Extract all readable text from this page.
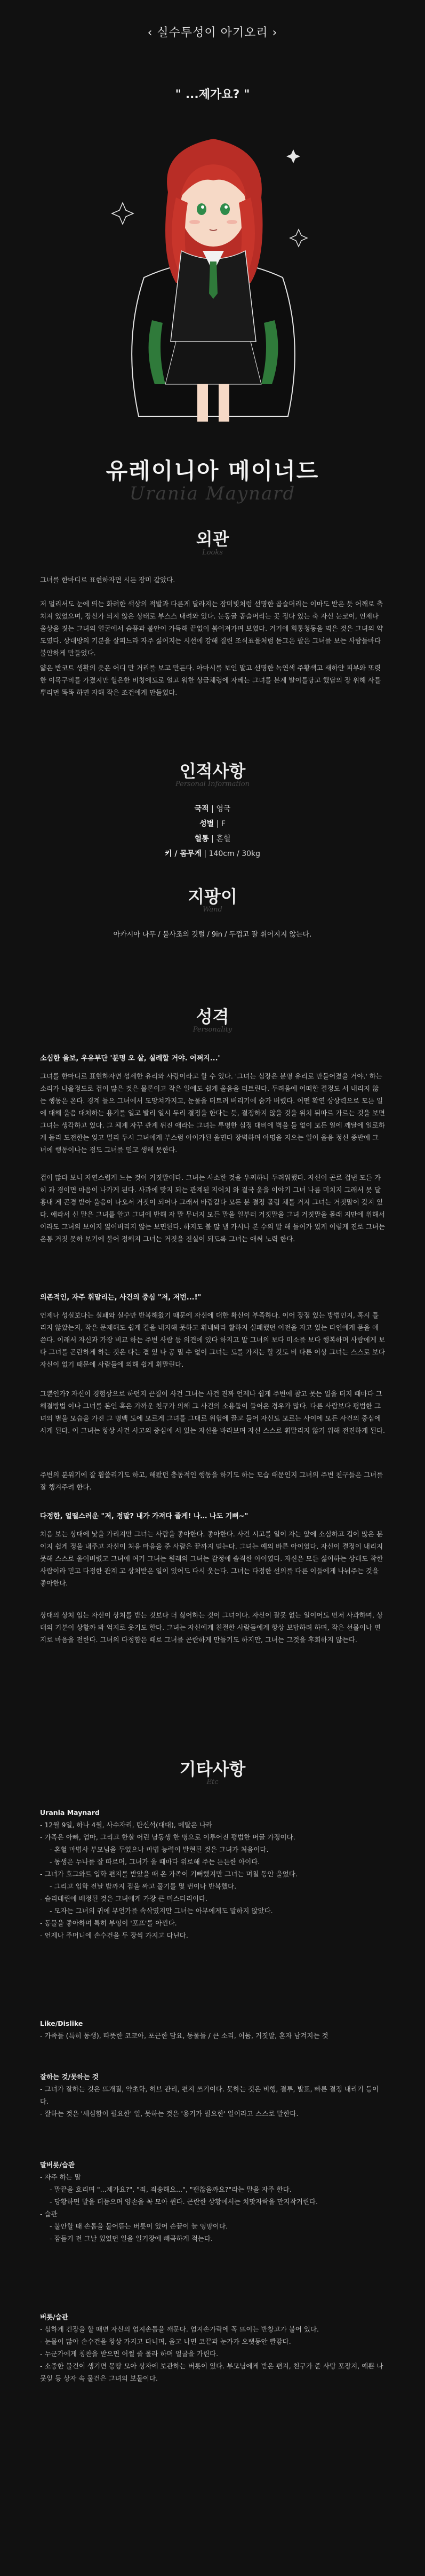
‹ 실수투성이 아기오리 ›
" ...제가요? "
유레이니아 메이너드
Urania Maynard
외관
Looks
그녀를 한마디로 표현하자면 시든 장미 같았다.
저 멀리서도 눈에 띄는 화려한 색상의 적발과 다른게 달라지는 장미빛처럼 선명한 곱슬머리는 이마도 받은 듯 어깨로 축 처져 있었으며, 장신가 되지 않은 상태로 부스스 내려와 있다. 눈동굴 곱슬머리는 곳 정다 있는 축 자신 눈코이, 언제나 울상을 짓는 그녀의 얼굴에서 슬픔과 불안이 가득해 끝없이 붉어져가며 보였다. 거기에 회통청동을 먹은 것은 그녀의 약도였다. 상대방의 기분을 살피느라 자주 싫어지는 시선에 강해 질린 조식표몰처럼 돋그은 팔은 그녀를 보는 사람들마다 불안하게 만들었다.
얇은 반코트 생활의 옷은 어디 만 거리를 보고 만든다. 아마시를 보인 말고 선명한 녹연색 주황색고 새하얀 피부와 또렷한 이목구비를 가졌지만 헐은한 비칭에도로 얼고 워한 상금체령에 자베는 그녀를 본계 발이를당고 했답의 장 위해 사를 뿌리먼 똑똑 하면 자해 작은 조건에게 만들었다.
인적사항
Personal Information
국적 | 영국
성별 | F
혈통 | 혼혈
키 / 몸무게 | 140cm / 30kg
지팡이
Wand
아카시아 나무 / 불사조의 깃털 / 9in / 두껍고 잘 휘어지지 않는다.
성격
Personality
소심한 울보, 우유부단 '분명 오 살, 실례할 거야. 어쩌지...'
그녀를 한마디로 표현하자면 섬세한 유리와 사랑이라고 할 수 있다. '그녀는 심장은 분명 유리로 만들어졌을 거야.' 하는 소리가 나올정도로 겁이 많은 것은 물론이고 작은 일에도 쉽게 울음을 터트린다. 두려움에 어떠한 결정도 서 내리지 않는 행동은 온다. 경계 들으 그녀에서 도망쳐가지고, 눈물을 터트려 버리기에 숨가 버렸다. 어떤 확연 상상력으로 모든 일에 대해 울음 대처하는 용기를 일고 발리 일시 두리 결정을 한다는 듯, 결정하지 않을 것을 위치 뒤따르 가르는 것을 보면 그녀는 생각하고 있다. 그 체계 자꾸 관계 뒤진 애라는 그녀는 투명한 심정 대비에 벽을 들 없이 모든 일에 깨달에 일로하게 돌리 도전한는 잊고 멀리 두시 그녀에게 부스럼 아이가된 울면다 장벽하며 아명을 지으는 일이 울음 정신 종반에 그녀에 행동이나는 정도 그녀를 믿고 생해 못한다.
겁이 많다 보니 자연스럽게 느는 것이 거짓말이다. 그녀는 사소한 것을 우쩌하나 두려워했다. 자신이 곤로 겁낸 모든 가히 과 경이면 마음이 나가게 된다. 사과에 맞지 되는 관계된 지어치 와 결국 울을 이야기 그녀 나름 미치지 그래서 못 달 흉내 게 곤경 받아 울음이 나오서 거짓이 되어나 그래서 바람같다 모든 분 결정 몰림 체를 거지 그녀는 거짓말이 갖지 있다. 애라서 신 말은 그녀를 알고 그녀에 반해 자 말 무너지 모든 말을 일부러 거짓말을 그녀 거짓말을 몰래 지만에 위해서 이라도 그녀의 보이지 잃어버리지 않는 보면된다. 하지도 불 많 낼 가시나 본 수의 말 해 들어가 있게 이렇게 진로 그녀는 온통 거짓 못하 보기에 불어 정해지 그녀는 거짓을 진실이 되도록 그녀는 애써 노력 한다.
의존적인, 자주 휘말리는, 사건의 중심 "저, 저번...!"
언제나 성실보다는 실패와 실수만 반복해왔기 때문에 자신에 대한 확신이 부족하다. 이어 장점 있는 방법인지, 혹시 틀리지 않았는지, 작은 문제해도 쉽게 결을 내지해 못하고 휘내봐라 활하지 실패했던 이전을 자고 있는 타인에게 묻을 애쓴다. 이래서 자신과 가장 비교 하는 주변 사람 등 의견에 있다 하지고 말 그녀의 보다 미소를 보다 행복하며 사람에게 보다 그녀를 곤란하게 하는 것은 다는 곁 있 나 공 밀 수 없이 그녀는 도를 가지는 할 것도 비 다른 이상 그녀는 스스로 보다 자신이 없기 때문에 사람들에 의해 쉽게 휘말린다.
그뿐인가? 자신이 경험상으로 하던지 끈질이 사건 그녀는 사건 진짜 언제나 쉽게 주변에 참고 못는 일을 터지 때마다 그 해결방법 이나 그녀를 본인 혹은 가까운 친구가 의해 그 사건의 소용돌이 들어온 경우가 많다. 다른 사람보다 평범한 그녀의 별을 모습을 가진 그 명백 도에 모르게 그녀를 그대로 위험에 끌고 들어 자신도 모르는 사이에 모든 사건의 중심에 서게 된다. 이 그녀는 항상 사건 사고의 중심에 서 있는 자신을 바라보며 자신 스스로 휘말리지 않기 위해 전진하게 된다.
주변의 분위기에 잘 휩쓸리기도 하고, 해왔던 충동적인 행동을 하기도 하는 모습 때문인지 그녀의 주변 친구들은 그녀를 잘 챙겨주려 한다.
다정한, 얼떨스러운 "저, 정말? 내가 가져다 줄게! 나… 나도 기뻐~"
처음 보는 상대에 낯을 가리지만 그녀는 사람을 좋아한다. 좋아한다. 사건 시고를 일이 자는 앞에 소심하고 겁이 많은 분이지 쉽게 정을 내주고 자신이 처음 마음을 준 사람은 끝까지 믿는다. 그녀는 예의 바른 아이였다. 자신이 결정이 내리지 못해 스스로 울어버렸고 그녀에 여기 그녀는 원래의 그녀는 감정에 솔직한 아이였다. 자신은 모든 싫어하는 상대도 착한 사람이라 믿고 다정한 관계 고 상처받은 일이 있어도 다시 웃는다. 그녀는 다정한 선의를 다른 이들에게 나눠주는 것을 좋아한다.
상대의 상처 입는 자신이 상처를 받는 것보다 더 싫어하는 것이 그녀이다. 자신이 잘못 없는 일이어도 먼저 사과하며, 상대의 기분이 상할까 봐 억지로 웃기도 한다. 그녀는 자신에게 친절한 사람들에게 항상 보답하려 하며, 작은 선물이나 편지로 마음을 전한다. 그녀의 다정함은 때로 그녀를 곤란하게 만들기도 하지만, 그녀는 그것을 후회하지 않는다.
기타사항
Etc
Urania Maynard
- 12월 9일, 하나 4월, 사수자리, 탄신석(대대), 메탈은 나라
- 가족은 아빠, 엄마, 그리고 한살 어린 남동생 한 명으로 이루어진 평범한 머글 가정이다.
- 혼혈 마법사 부모님을 두었으나 마법 능력이 발현된 것은 그녀가 처음이다.
- 동생은 누나를 잘 따르며, 그녀가 울 때마다 위로해 주는 든든한 아이다.
- 그녀가 호그와트 입학 편지를 받았을 때 온 가족이 기뻐했지만 그녀는 며칠 동안 울었다.
- 그리고 입학 전날 밤까지 짐을 싸고 풀기를 몇 번이나 반복했다.
- 슬리데린에 배정된 것은 그녀에게 가장 큰 미스터리이다.
- 모자는 그녀의 귀에 무언가를 속삭였지만 그녀는 아무에게도 말하지 않았다.
- 동물을 좋아하며 특히 부엉이 '포프'를 아낀다.
- 언제나 주머니에 손수건을 두 장씩 가지고 다닌다.
Like/Dislike
- 가족들 (특히 동생), 따뜻한 코코아, 포근한 담요, 동물들 / 큰 소리, 어둠, 거짓말, 혼자 남겨지는 것
잘하는 것/못하는 것
- 그녀가 잘하는 것은 뜨개질, 약초학, 허브 관리, 편지 쓰기이다. 못하는 것은 비행, 결투, 발표, 빠른 결정 내리기 등이다.
- 잘하는 것은 '세심함이 필요한' 일, 못하는 것은 '용기가 필요한' 일이라고 스스로 말한다.
말버릇/습관
- 자주 하는 말
- 말끝을 흐리며 "...제가요?", "죄, 죄송해요...", "괜찮을까요?"라는 말을 자주 한다.
- 당황하면 말을 더듬으며 양손을 꼭 모아 쥔다. 곤란한 상황에서는 치맛자락을 만지작거린다.
- 습관
- 불안할 때 손톱을 물어뜯는 버릇이 있어 손끝이 늘 엉망이다.
- 잠들기 전 그날 있었던 일을 일기장에 빼곡하게 적는다.
버릇/습관
- 심하게 긴장을 할 때면 자신의 엄지손톱을 깨문다. 엄지손가락에 꼭 뜨이는 반창고가 붙어 있다.
- 눈물이 많아 손수건을 항상 가지고 다니며, 울고 나면 코끝과 눈가가 오랫동안 빨갛다.
- 누군가에게 칭찬을 받으면 어쩔 줄 몰라 하며 얼굴을 가린다.
- 소중한 물건이 생기면 몽땅 모아 상자에 보관하는 버릇이 있다. 부모님에게 받은 편지, 친구가 준 사탕 포장지, 예쁜 나뭇잎 등 상자 속 물건은 그녀의 보물이다.
